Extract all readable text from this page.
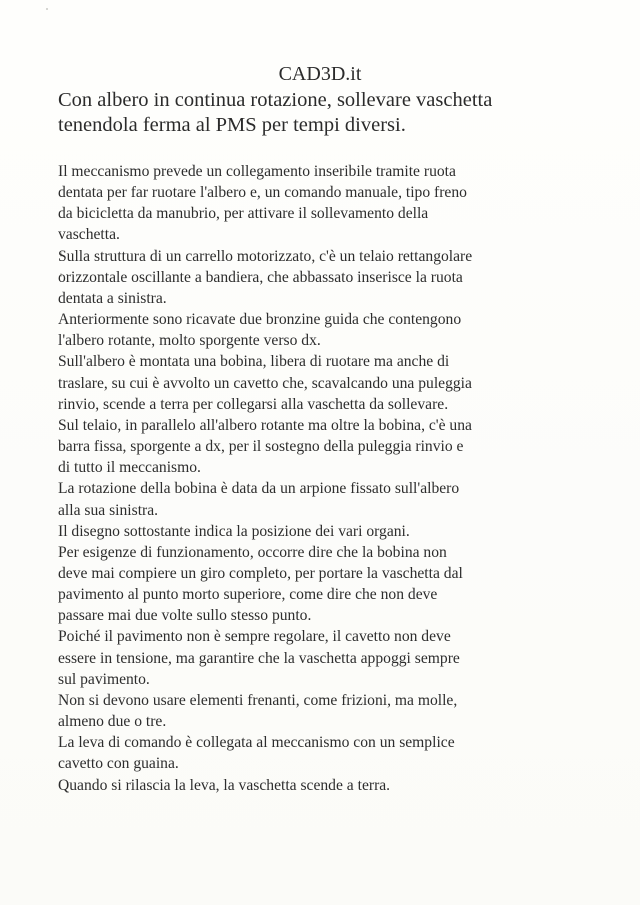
CAD3D.it
Con albero in continua rotazione, sollevare vaschetta
tenendola ferma al PMS per tempi diversi.
Il meccanismo prevede un collegamento inseribile tramite ruota
dentata per far ruotare l'albero e, un comando manuale, tipo freno
da bicicletta da manubrio, per attivare il sollevamento della
vaschetta.
Sulla struttura di un carrello motorizzato, c'è un telaio rettangolare
orizzontale oscillante a bandiera, che abbassato inserisce la ruota
dentata a sinistra.
Anteriormente sono ricavate due bronzine guida che contengono
l'albero rotante, molto sporgente verso dx.
Sull'albero è montata una bobina, libera di ruotare ma anche di
traslare, su cui è avvolto un cavetto che, scavalcando una puleggia
rinvio, scende a terra per collegarsi alla vaschetta da sollevare.
Sul telaio, in parallelo all'albero rotante ma oltre la bobina, c'è una
barra fissa, sporgente a dx, per il sostegno della puleggia rinvio e
di tutto il meccanismo.
La rotazione della bobina è data da un arpione fissato sull'albero
alla sua sinistra.
Il disegno sottostante indica la posizione dei vari organi.
Per esigenze di funzionamento, occorre dire che la bobina non
deve mai compiere un giro completo, per portare la vaschetta dal
pavimento al punto morto superiore, come dire che non deve
passare mai due volte sullo stesso punto.
Poiché il pavimento non è sempre regolare, il cavetto non deve
essere in tensione, ma garantire che la vaschetta appoggi sempre
sul pavimento.
Non si devono usare elementi frenanti, come frizioni, ma molle,
almeno due o tre.
La leva di comando è collegata al meccanismo con un semplice
cavetto con guaina.
Quando si rilascia la leva, la vaschetta scende a terra.
